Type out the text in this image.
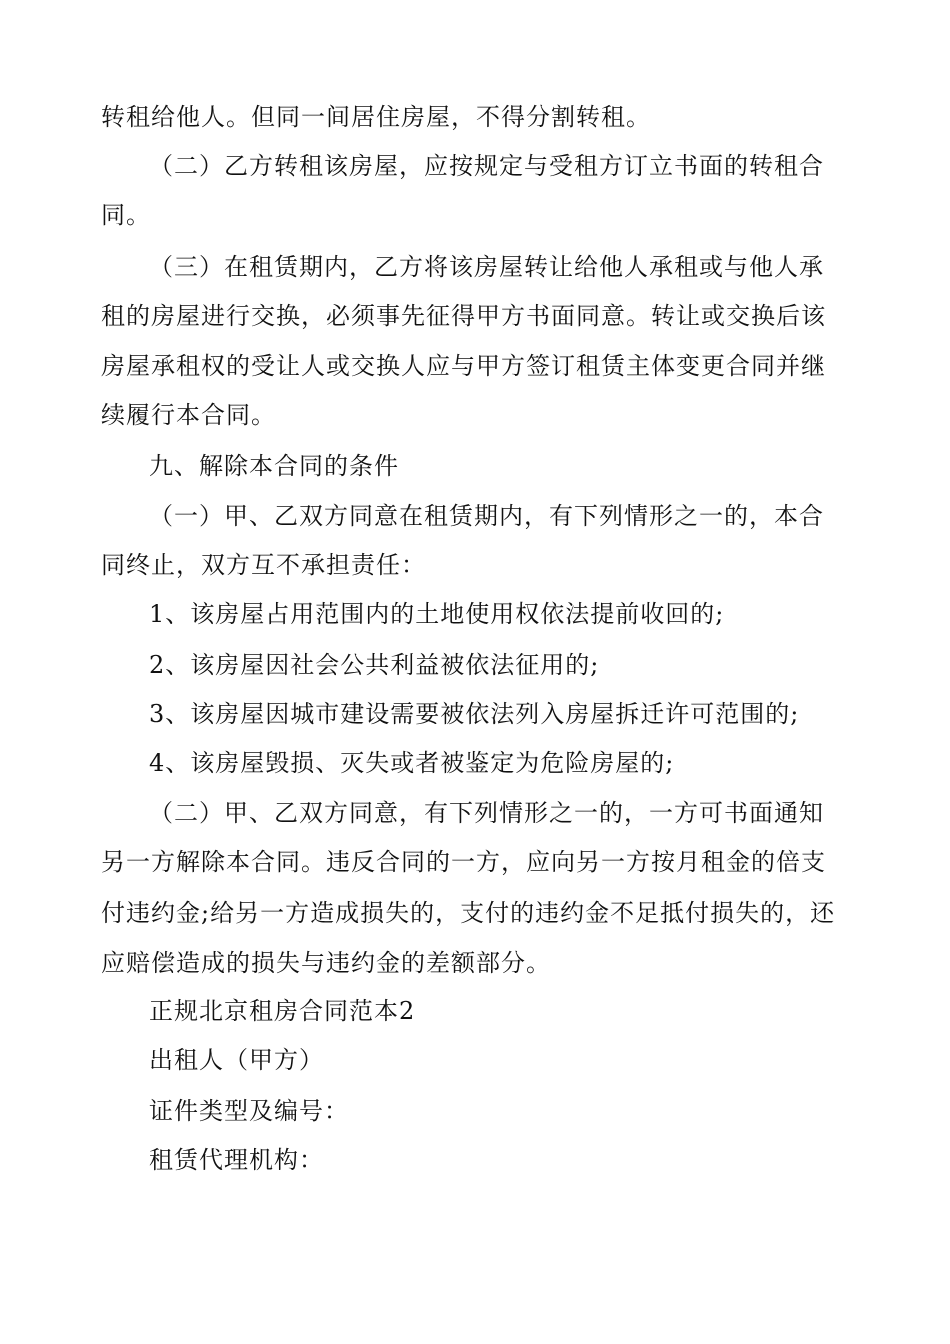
转租给他人。但同一间居住房屋，不得分割转租。
（二）乙方转租该房屋，应按规定与受租方订立书面的转租合
同。
（三）在租赁期内，乙方将该房屋转让给他人承租或与他人承
租的房屋进行交换，必须事先征得甲方书面同意。转让或交换后该
房屋承租权的受让人或交换人应与甲方签订租赁主体变更合同并继
续履行本合同。
九、解除本合同的条件
（一）甲、乙双方同意在租赁期内，有下列情形之一的，本合
同终止，双方互不承担责任：
1、该房屋占用范围内的土地使用权依法提前收回的;
2、该房屋因社会公共利益被依法征用的;
3、该房屋因城市建设需要被依法列入房屋拆迁许可范围的;
4、该房屋毁损、灭失或者被鉴定为危险房屋的;
（二）甲、乙双方同意，有下列情形之一的，一方可书面通知
另一方解除本合同。违反合同的一方，应向另一方按月租金的倍支
付违约金;给另一方造成损失的，支付的违约金不足抵付损失的，还
应赔偿造成的损失与违约金的差额部分。
正规北京租房合同范本2
出租人（甲方）
证件类型及编号：
租赁代理机构：
